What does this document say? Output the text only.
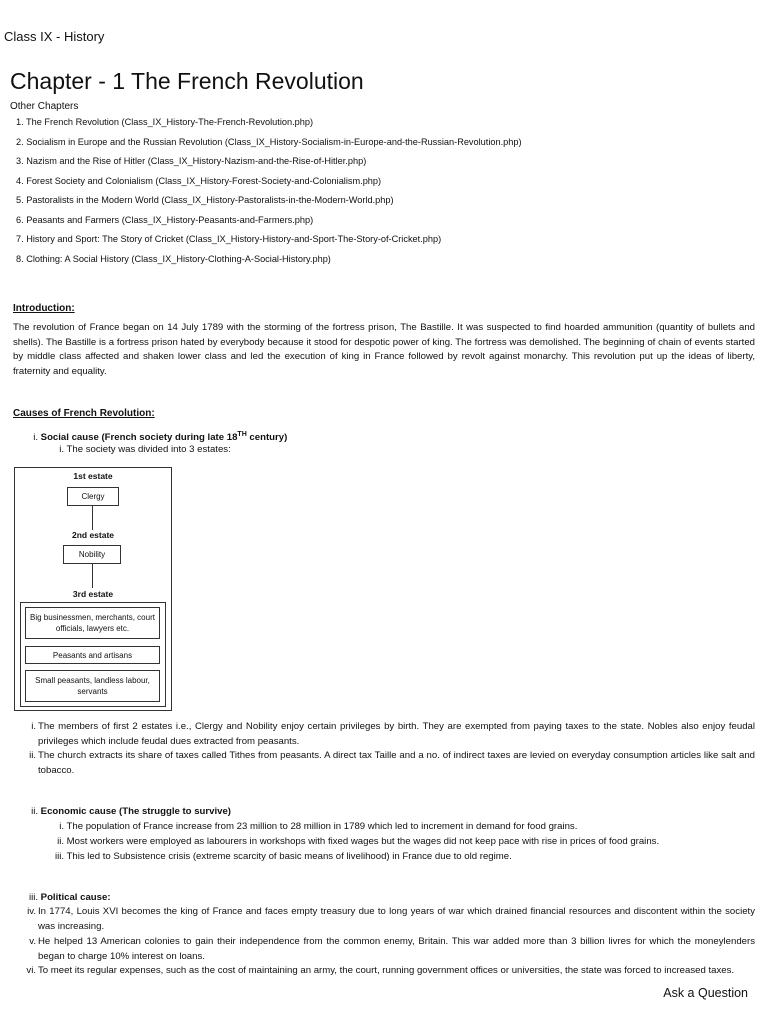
Class IX - History
Chapter - 1 The French Revolution
Other Chapters
1. The French Revolution (Class_IX_History-The-French-Revolution.php)
2. Socialism in Europe and the Russian Revolution (Class_IX_History-Socialism-in-Europe-and-the-Russian-Revolution.php)
3. Nazism and the Rise of Hitler (Class_IX_History-Nazism-and-the-Rise-of-Hitler.php)
4. Forest Society and Colonialism (Class_IX_History-Forest-Society-and-Colonialism.php)
5. Pastoralists in the Modern World (Class_IX_History-Pastoralists-in-the-Modern-World.php)
6. Peasants and Farmers (Class_IX_History-Peasants-and-Farmers.php)
7. History and Sport: The Story of Cricket (Class_IX_History-History-and-Sport-The-Story-of-Cricket.php)
8. Clothing: A Social History (Class_IX_History-Clothing-A-Social-History.php)
Introduction:

The revolution of France began on 14 July 1789 with the storming of the fortress prison, The Bastille. It was suspected to find hoarded ammunition (quantity of bullets and shells). The Bastille is a fortress prison hated by everybody because it stood for despotic power of king. The fortress was demolished. The beginning of chain of events started by middle class affected and shaken lower class and led the execution of king in France followed by revolt against monarchy. This revolution put up the ideas of liberty, fraternity and equality.

Causes of French Revolution:
i. Social cause (French society during late 18TH century)
i. The society was divided into 3 estates:
1st estate
Clergy
2nd estate
Nobility
3rd estate
Big businessmen, merchants, court officials, lawyers etc.
Peasants and artisans
Small peasants, landless labour, servants
i. The members of first 2 estates i.e., Clergy and Nobility enjoy certain privileges by birth. They are exempted from paying taxes to the state. Nobles also enjoy feudal privileges which include feudal dues extracted from peasants.
ii. The church extracts its share of taxes called Tithes from peasants. A direct tax Taille and a no. of indirect taxes are levied on everyday consumption articles like salt and tobacco.
ii. Economic cause (The struggle to survive)
i. The population of France increase from 23 million to 28 million in 1789 which led to increment in demand for food grains.
ii. Most workers were employed as labourers in workshops with fixed wages but the wages did not keep pace with rise in prices of food grains.
iii. This led to Subsistence crisis (extreme scarcity of basic means of livelihood) in France due to old regime.
iii. Political cause:
iv. In 1774, Louis XVI becomes the king of France and faces empty treasury due to long years of war which drained financial resources and discontent within the society was increasing.
v. He helped 13 American colonies to gain their independence from the common enemy, Britain. This war added more than 3 billion livres for which the moneylenders began to charge 10% interest on loans.
vi. To meet its regular expenses, such as the cost of maintaining an army, the court, running government offices or universities, the state was forced to increased taxes.
Ask a Question
